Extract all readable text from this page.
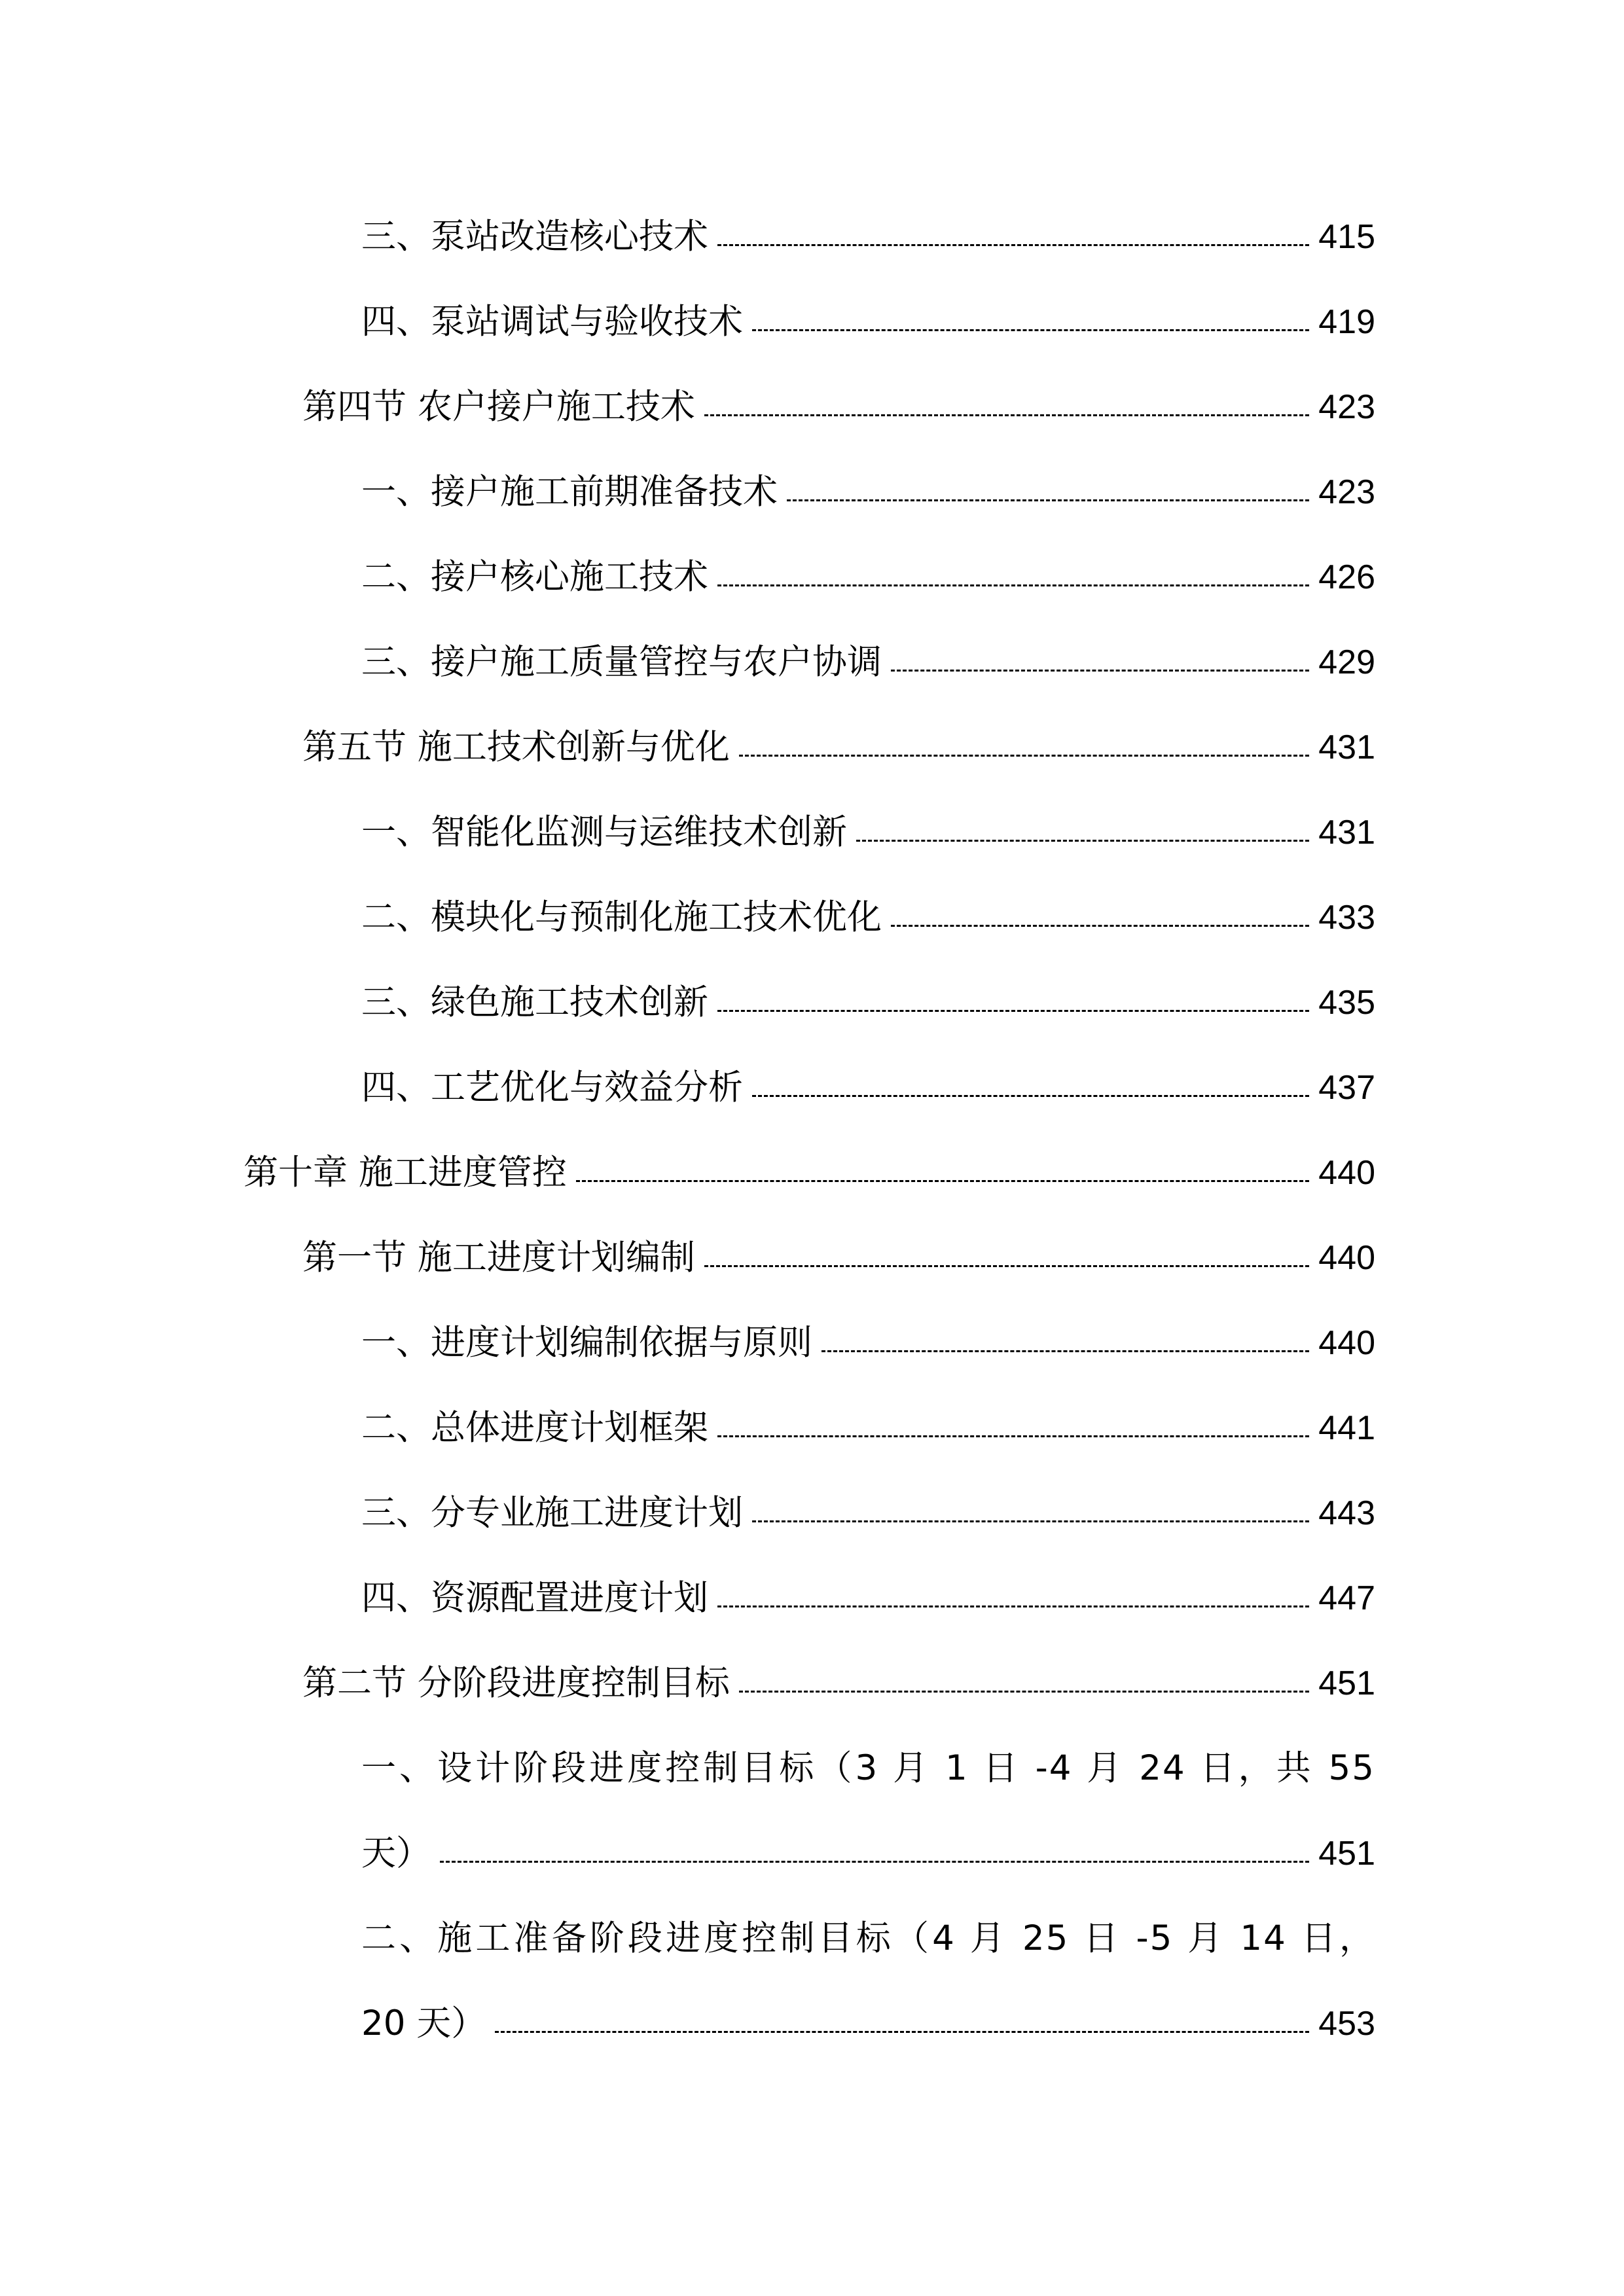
三、泵站改造核心技术	415
四、泵站调试与验收技术	419
第四节 农户接户施工技术	423
一、接户施工前期准备技术	423
二、接户核心施工技术	426
三、接户施工质量管控与农户协调	429
第五节 施工技术创新与优化	431
一、智能化监测与运维技术创新	431
二、模块化与预制化施工技术优化	433
三、绿色施工技术创新	435
四、工艺优化与效益分析	437
第十章 施工进度管控	440
第一节 施工进度计划编制	440
一、进度计划编制依据与原则	440
二、总体进度计划框架	441
三、分专业施工进度计划	443
四、资源配置进度计划	447
第二节 分阶段进度控制目标	451
一、设计阶段进度控制目标（3 月 1 日 -4 月 24 日，共 55
天）	451
二、施工准备阶段进度控制目标（4 月 25 日 -5 月 14 日，
20 天）	453
